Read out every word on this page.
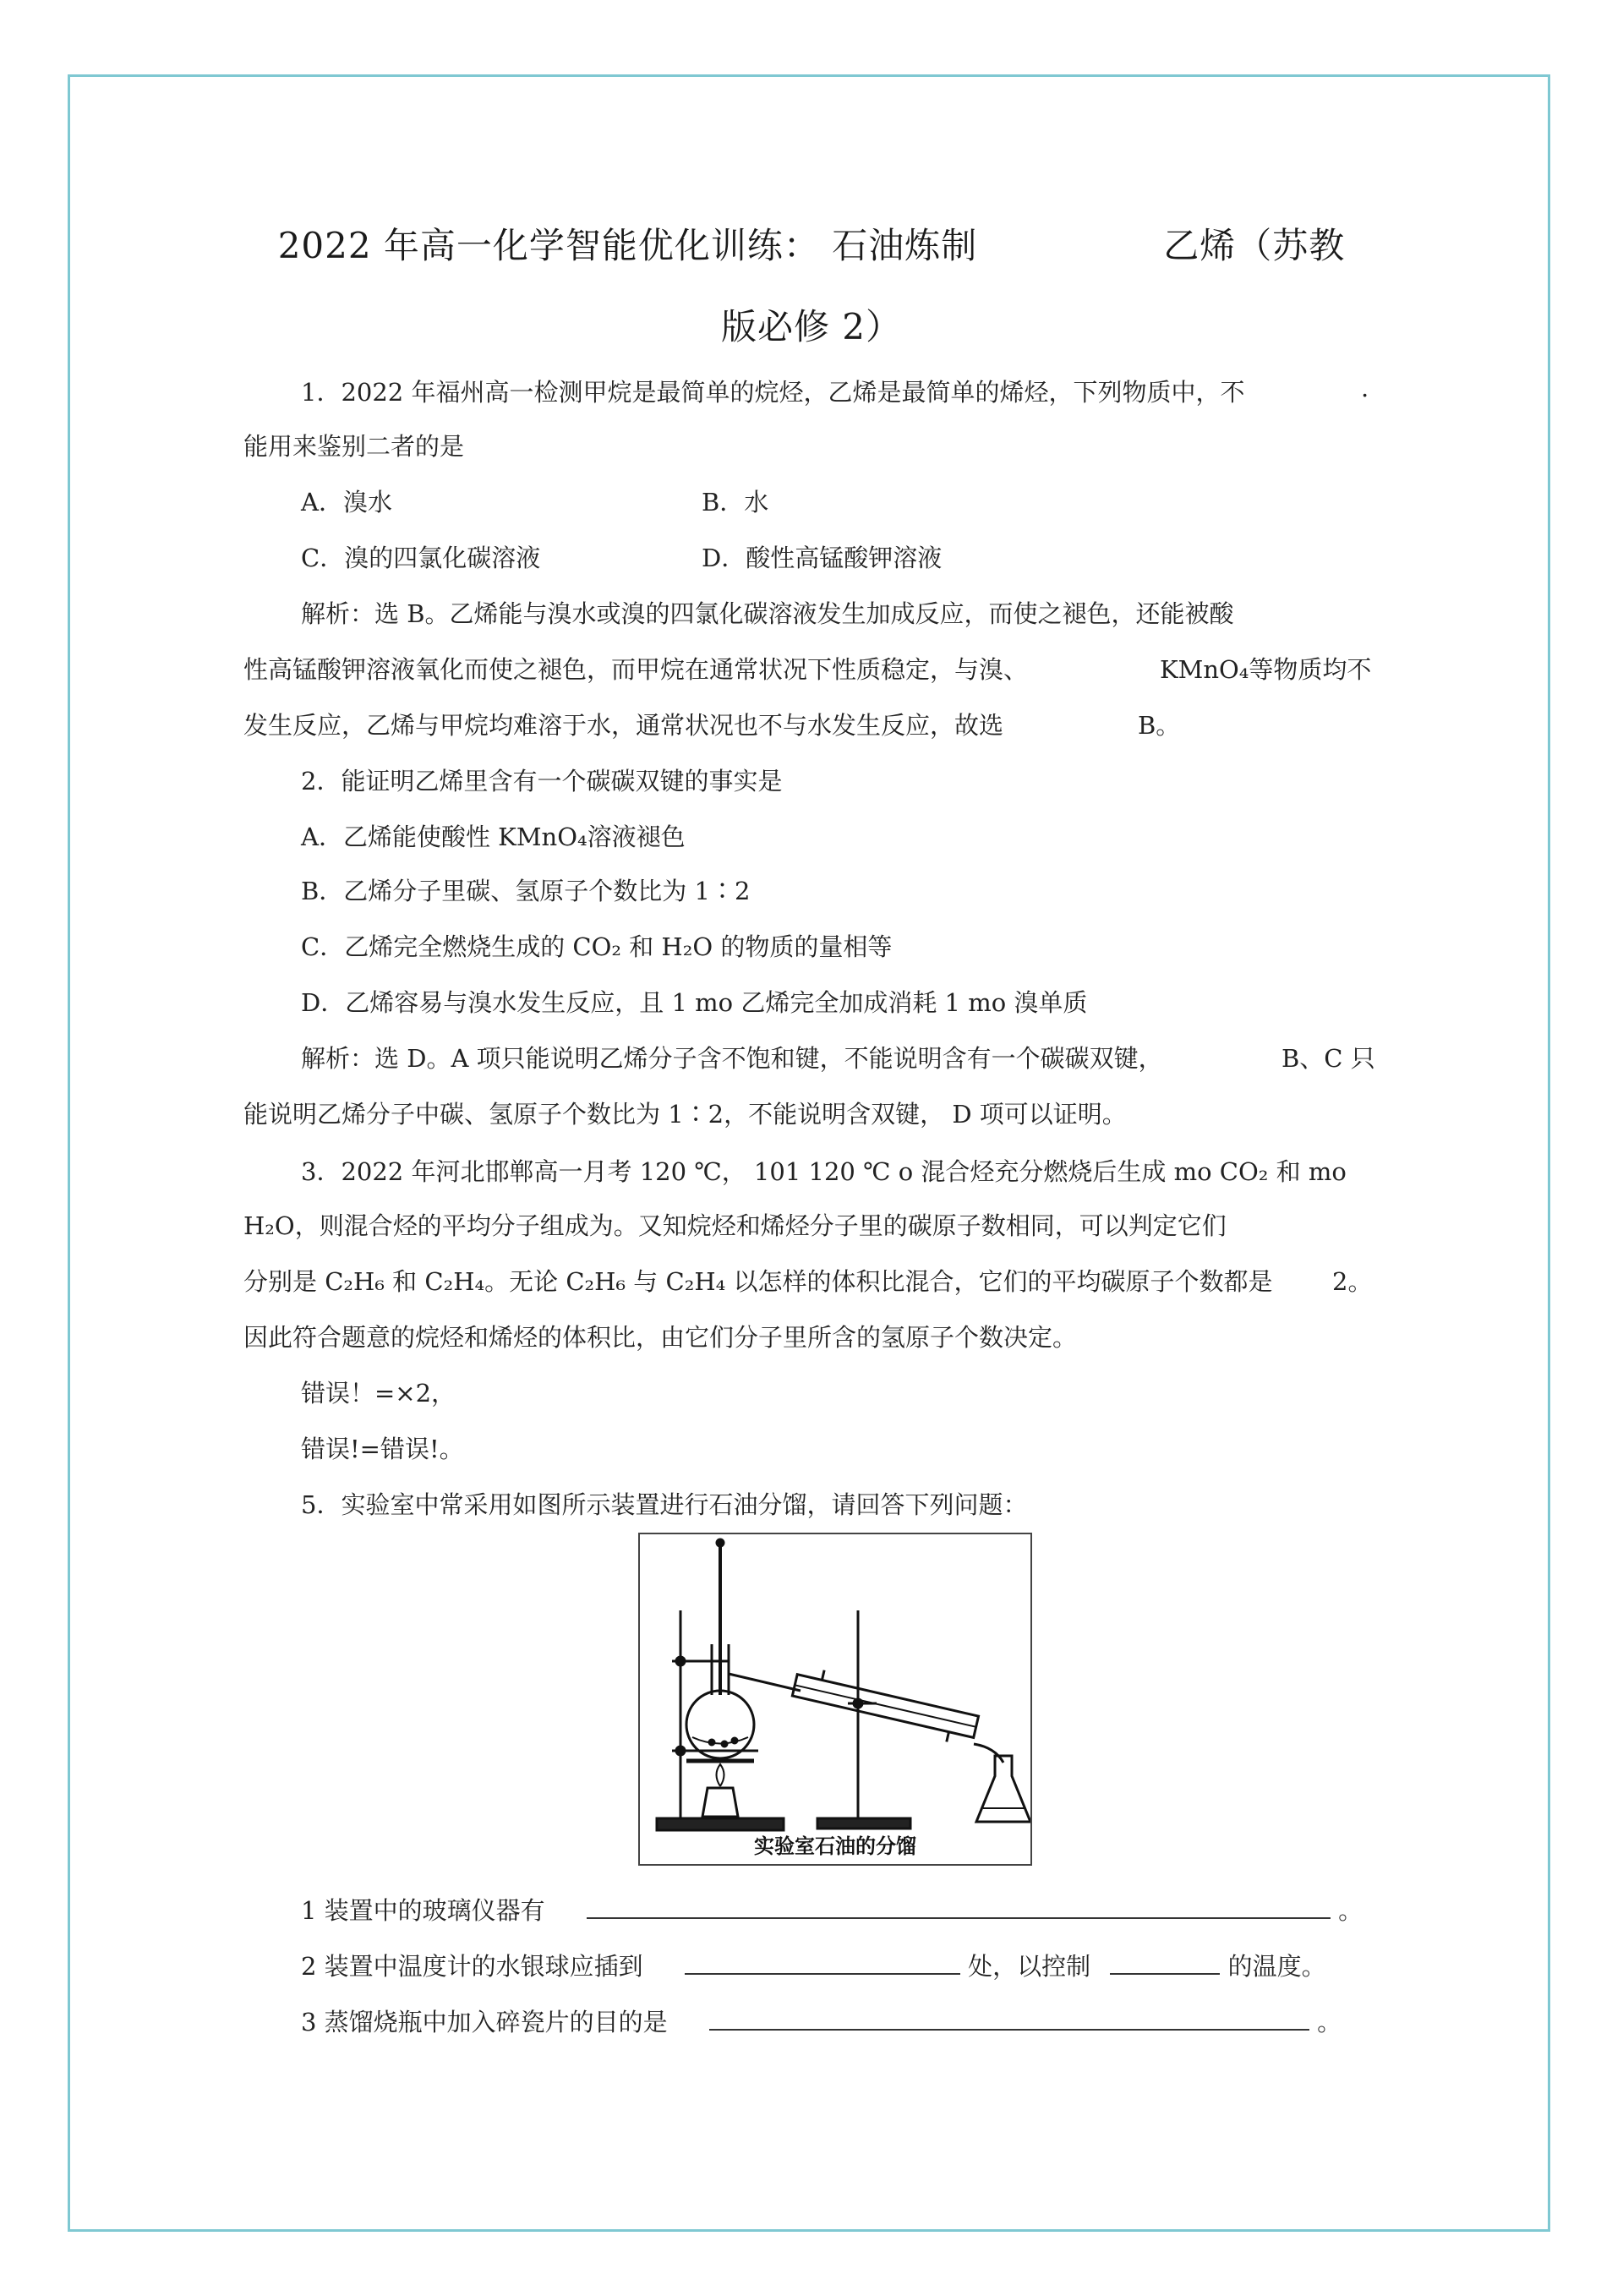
2022 年高一化学智能优化训练： 石油炼制	乙烯（苏教
版必修 2）
1．2022 年福州高一检测甲烷是最简单的烷烃，乙烯是最简单的烯烃，下列物质中，不	.
能用来鉴别二者的是
A．溴水	B．水
C．溴的四氯化碳溶液	D．酸性高锰酸钾溶液
解析：选 B。乙烯能与溴水或溴的四氯化碳溶液发生加成反应，而使之褪色，还能被酸
性高锰酸钾溶液氧化而使之褪色，而甲烷在通常状况下性质稳定，与溴、	KMnO₄等物质均不
发生反应，乙烯与甲烷均难溶于水，通常状况也不与水发生反应，故选	B。
2．能证明乙烯里含有一个碳碳双键的事实是
A．乙烯能使酸性 KMnO₄溶液褪色
B．乙烯分子里碳、氢原子个数比为 1∶2
C．乙烯完全燃烧生成的 CO₂ 和 H₂O 的物质的量相等
D．乙烯容易与溴水发生反应，且 1 mo 乙烯完全加成消耗 1 mo 溴单质
解析：选 D。A 项只能说明乙烯分子含不饱和键，不能说明含有一个碳碳双键，	B、C 只
能说明乙烯分子中碳、氢原子个数比为 1∶2，不能说明含双键， D 项可以证明。
3．2022 年河北邯郸高一月考 120 ℃， 101 120 ℃ o 混合烃充分燃烧后生成 mo CO₂ 和 mo
H₂O，则混合烃的平均分子组成为。又知烷烃和烯烃分子里的碳原子数相同，可以判定它们
分别是 C₂H₆ 和 C₂H₄。无论 C₂H₆ 与 C₂H₄ 以怎样的体积比混合，它们的平均碳原子个数都是 2。
因此符合题意的烷烃和烯烃的体积比，由它们分子里所含的氢原子个数决定。
错误！=×2，
错误!=错误!。
5．实验室中常采用如图所示装置进行石油分馏，请回答下列问题：
实验室石油的分馏
1 装置中的玻璃仪器有	。
2 装置中温度计的水银球应插到	处，以控制	的温度。
3 蒸馏烧瓶中加入碎瓷片的目的是	。
